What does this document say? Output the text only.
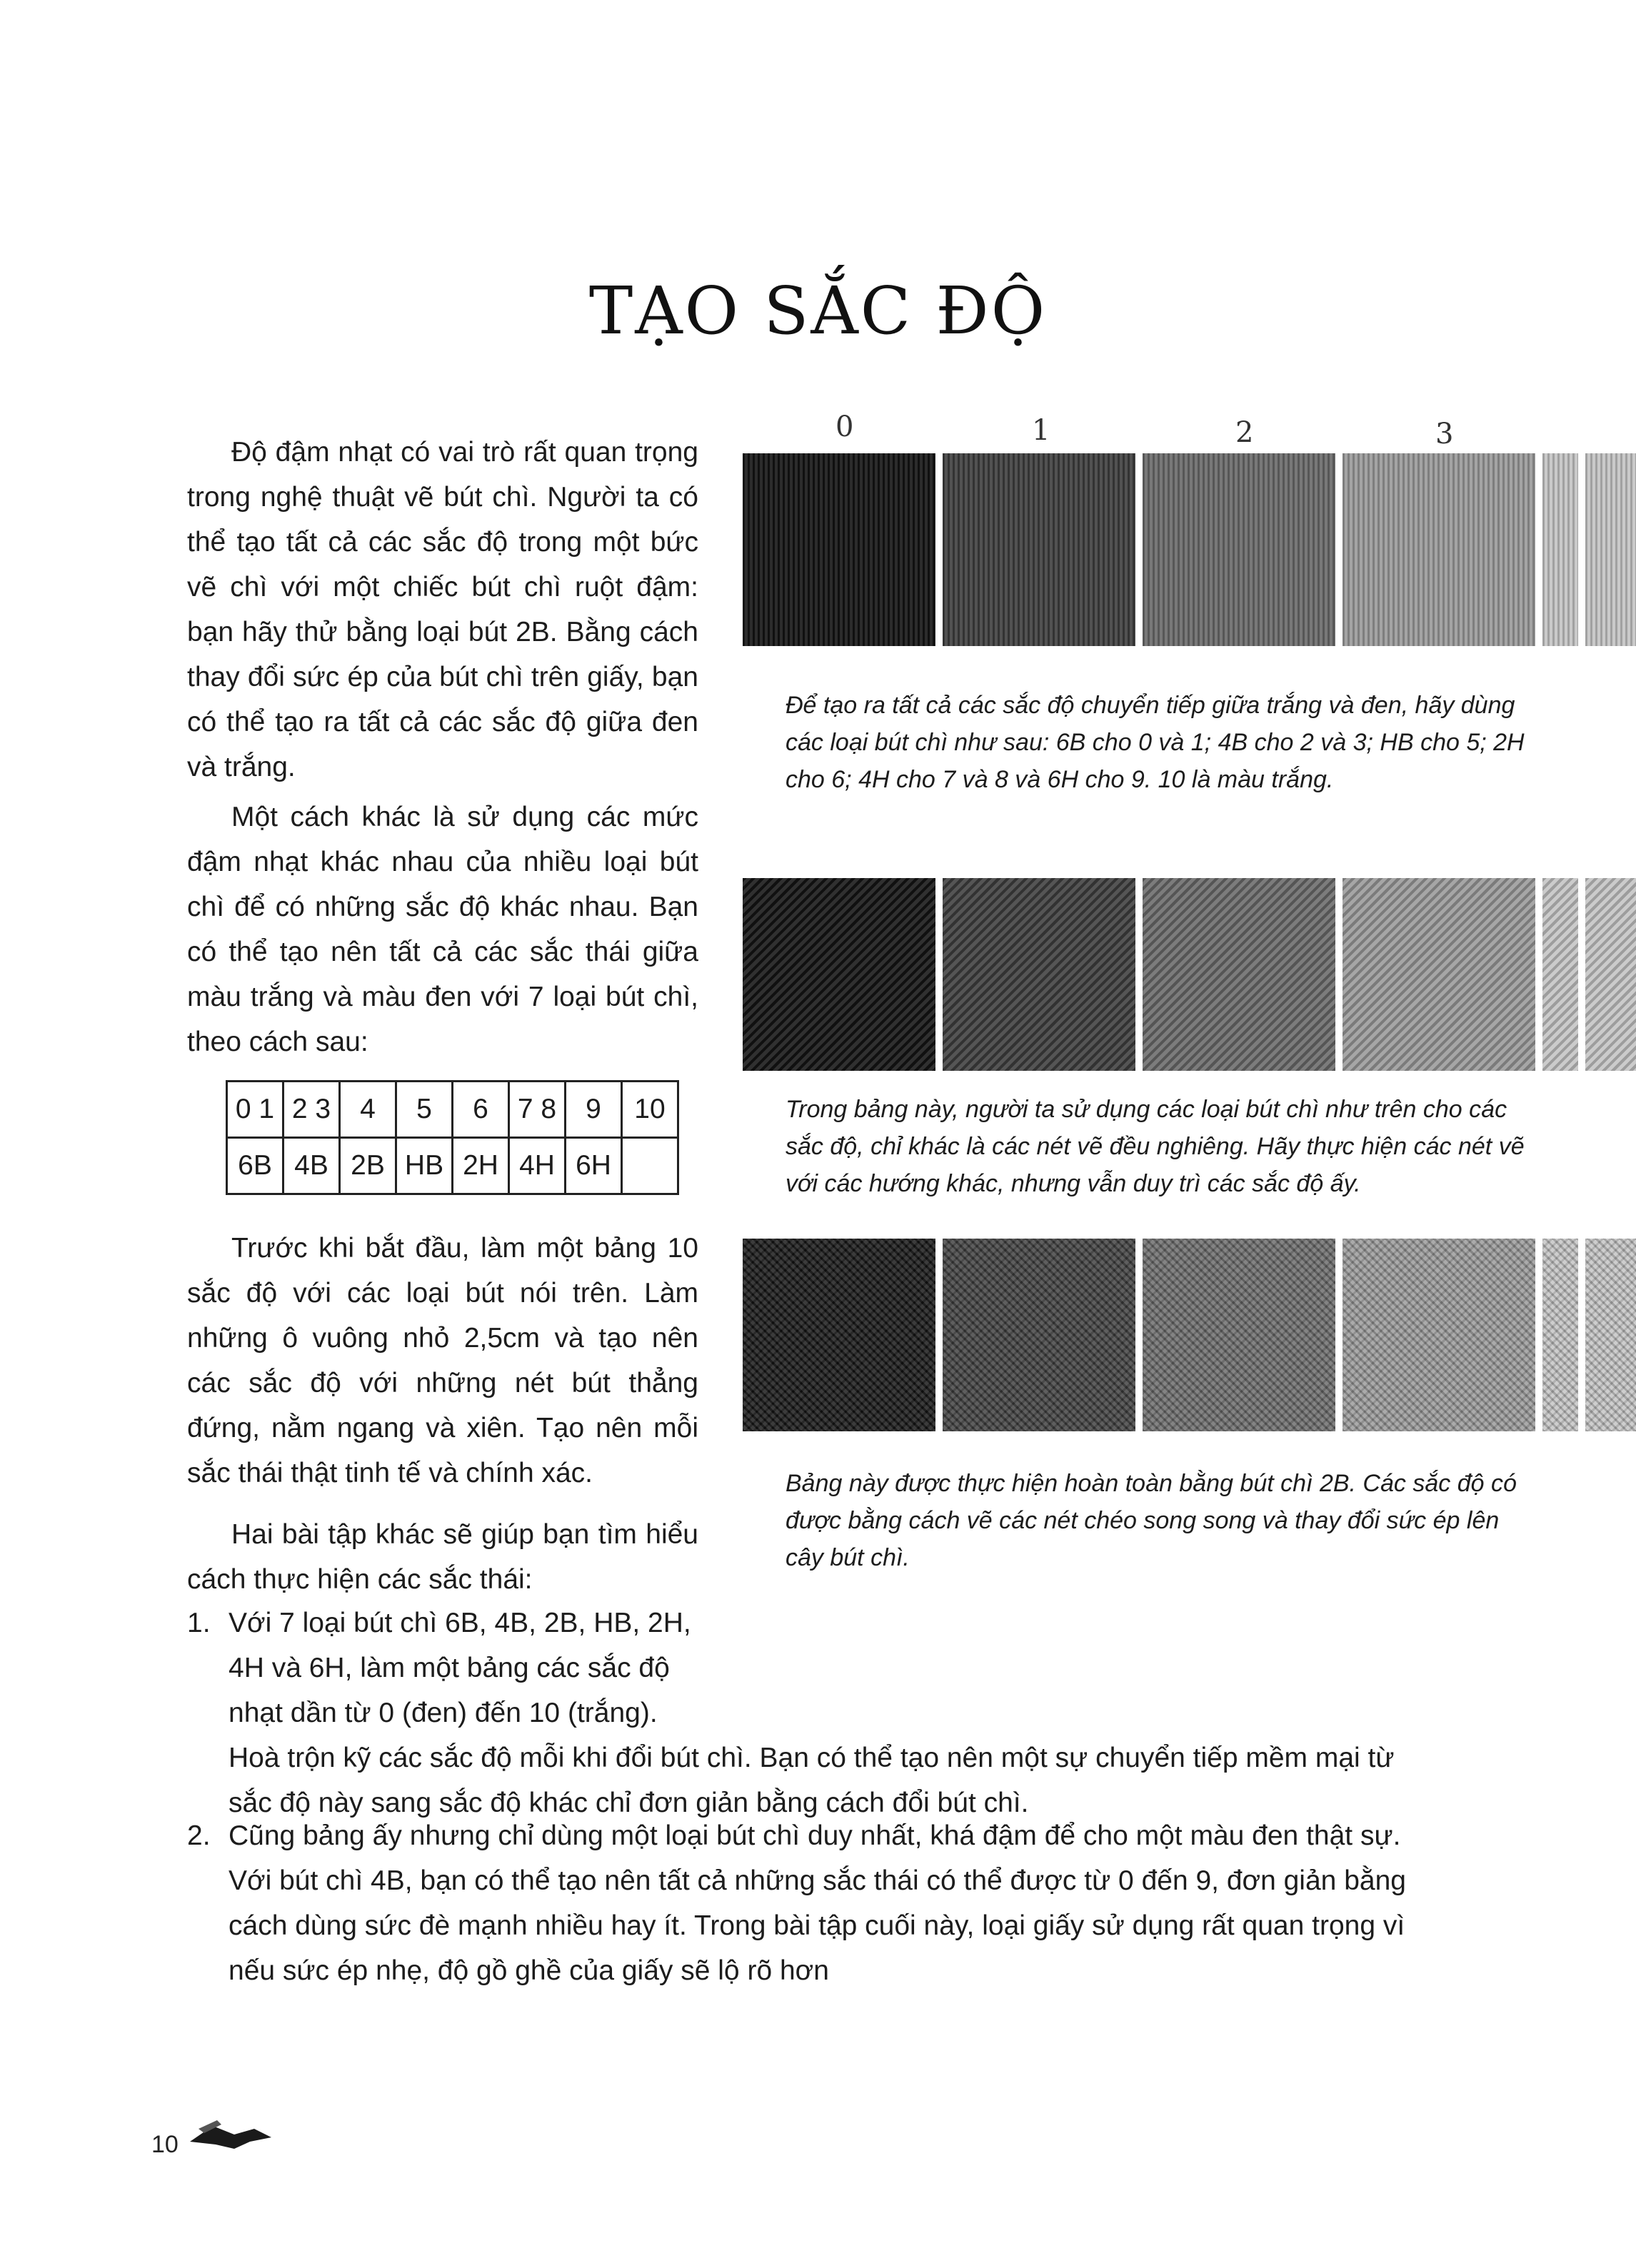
TẠO SẮC ĐỘ
Độ đậm nhạt có vai trò rất quan trọng trong nghệ thuật vẽ bút chì. Người ta có thể tạo tất cả các sắc độ trong một bức vẽ chì với một chiếc bút chì ruột đậm: bạn hãy thử bằng loại bút 2B. Bằng cách thay đổi sức ép của bút chì trên giấy, bạn có thể tạo ra tất cả các sắc độ giữa đen và trắng.
Một cách khác là sử dụng các mức đậm nhạt khác nhau của nhiều loại bút chì để có những sắc độ khác nhau. Bạn có thể tạo nên tất cả các sắc thái giữa màu trắng và màu đen với 7 loại bút chì, theo cách sau:
0 1	2 3	4	5	6	7 8	9	10
6B	4B	2B	HB	2H	4H	6H	
Trước khi bắt đầu, làm một bảng 10 sắc độ với các loại bút nói trên. Làm những ô vuông nhỏ 2,5cm và tạo nên các sắc độ với những nét bút thẳng đứng, nằm ngang và xiên. Tạo nên mỗi sắc thái thật tinh tế và chính xác.
Hai bài tập khác sẽ giúp bạn tìm hiểu cách thực hiện các sắc thái:
1. Với 7 loại bút chì 6B, 4B, 2B, HB, 2H, 4H và 6H, làm một bảng các sắc độ nhạt dần từ 0 (đen) đến 10 (trắng).
Hoà trộn kỹ các sắc độ mỗi khi đổi bút chì. Bạn có thể tạo nên một sự chuyển tiếp mềm mại từ sắc độ này sang sắc độ khác chỉ đơn giản bằng cách đổi bút chì.
2. Cũng bảng ấy nhưng chỉ dùng một loại bút chì duy nhất, khá đậm để cho một màu đen thật sự. Với bút chì 4B, bạn có thể tạo nên tất cả những sắc thái có thể được từ 0 đến 9, đơn giản bằng cách dùng sức đè mạnh nhiều hay ít. Trong bài tập cuối này, loại giấy sử dụng rất quan trọng vì nếu sức ép nhẹ, độ gồ ghề của giấy sẽ lộ rõ hơn
0	1	2	3
Để tạo ra tất cả các sắc độ chuyển tiếp giữa trắng và đen, hãy dùng các loại bút chì như sau: 6B cho 0 và 1; 4B cho 2 và 3; HB cho 5; 2H cho 6; 4H cho 7 và 8 và 6H cho 9. 10 là màu trắng.
Trong bảng này, người ta sử dụng các loại bút chì như trên cho các sắc độ, chỉ khác là các nét vẽ đều nghiêng. Hãy thực hiện các nét vẽ với các hướng khác, nhưng vẫn duy trì các sắc độ ấy.
Bảng này được thực hiện hoàn toàn bằng bút chì 2B. Các sắc độ có được bằng cách vẽ các nét chéo song song và thay đổi sức ép lên cây bút chì.
10
